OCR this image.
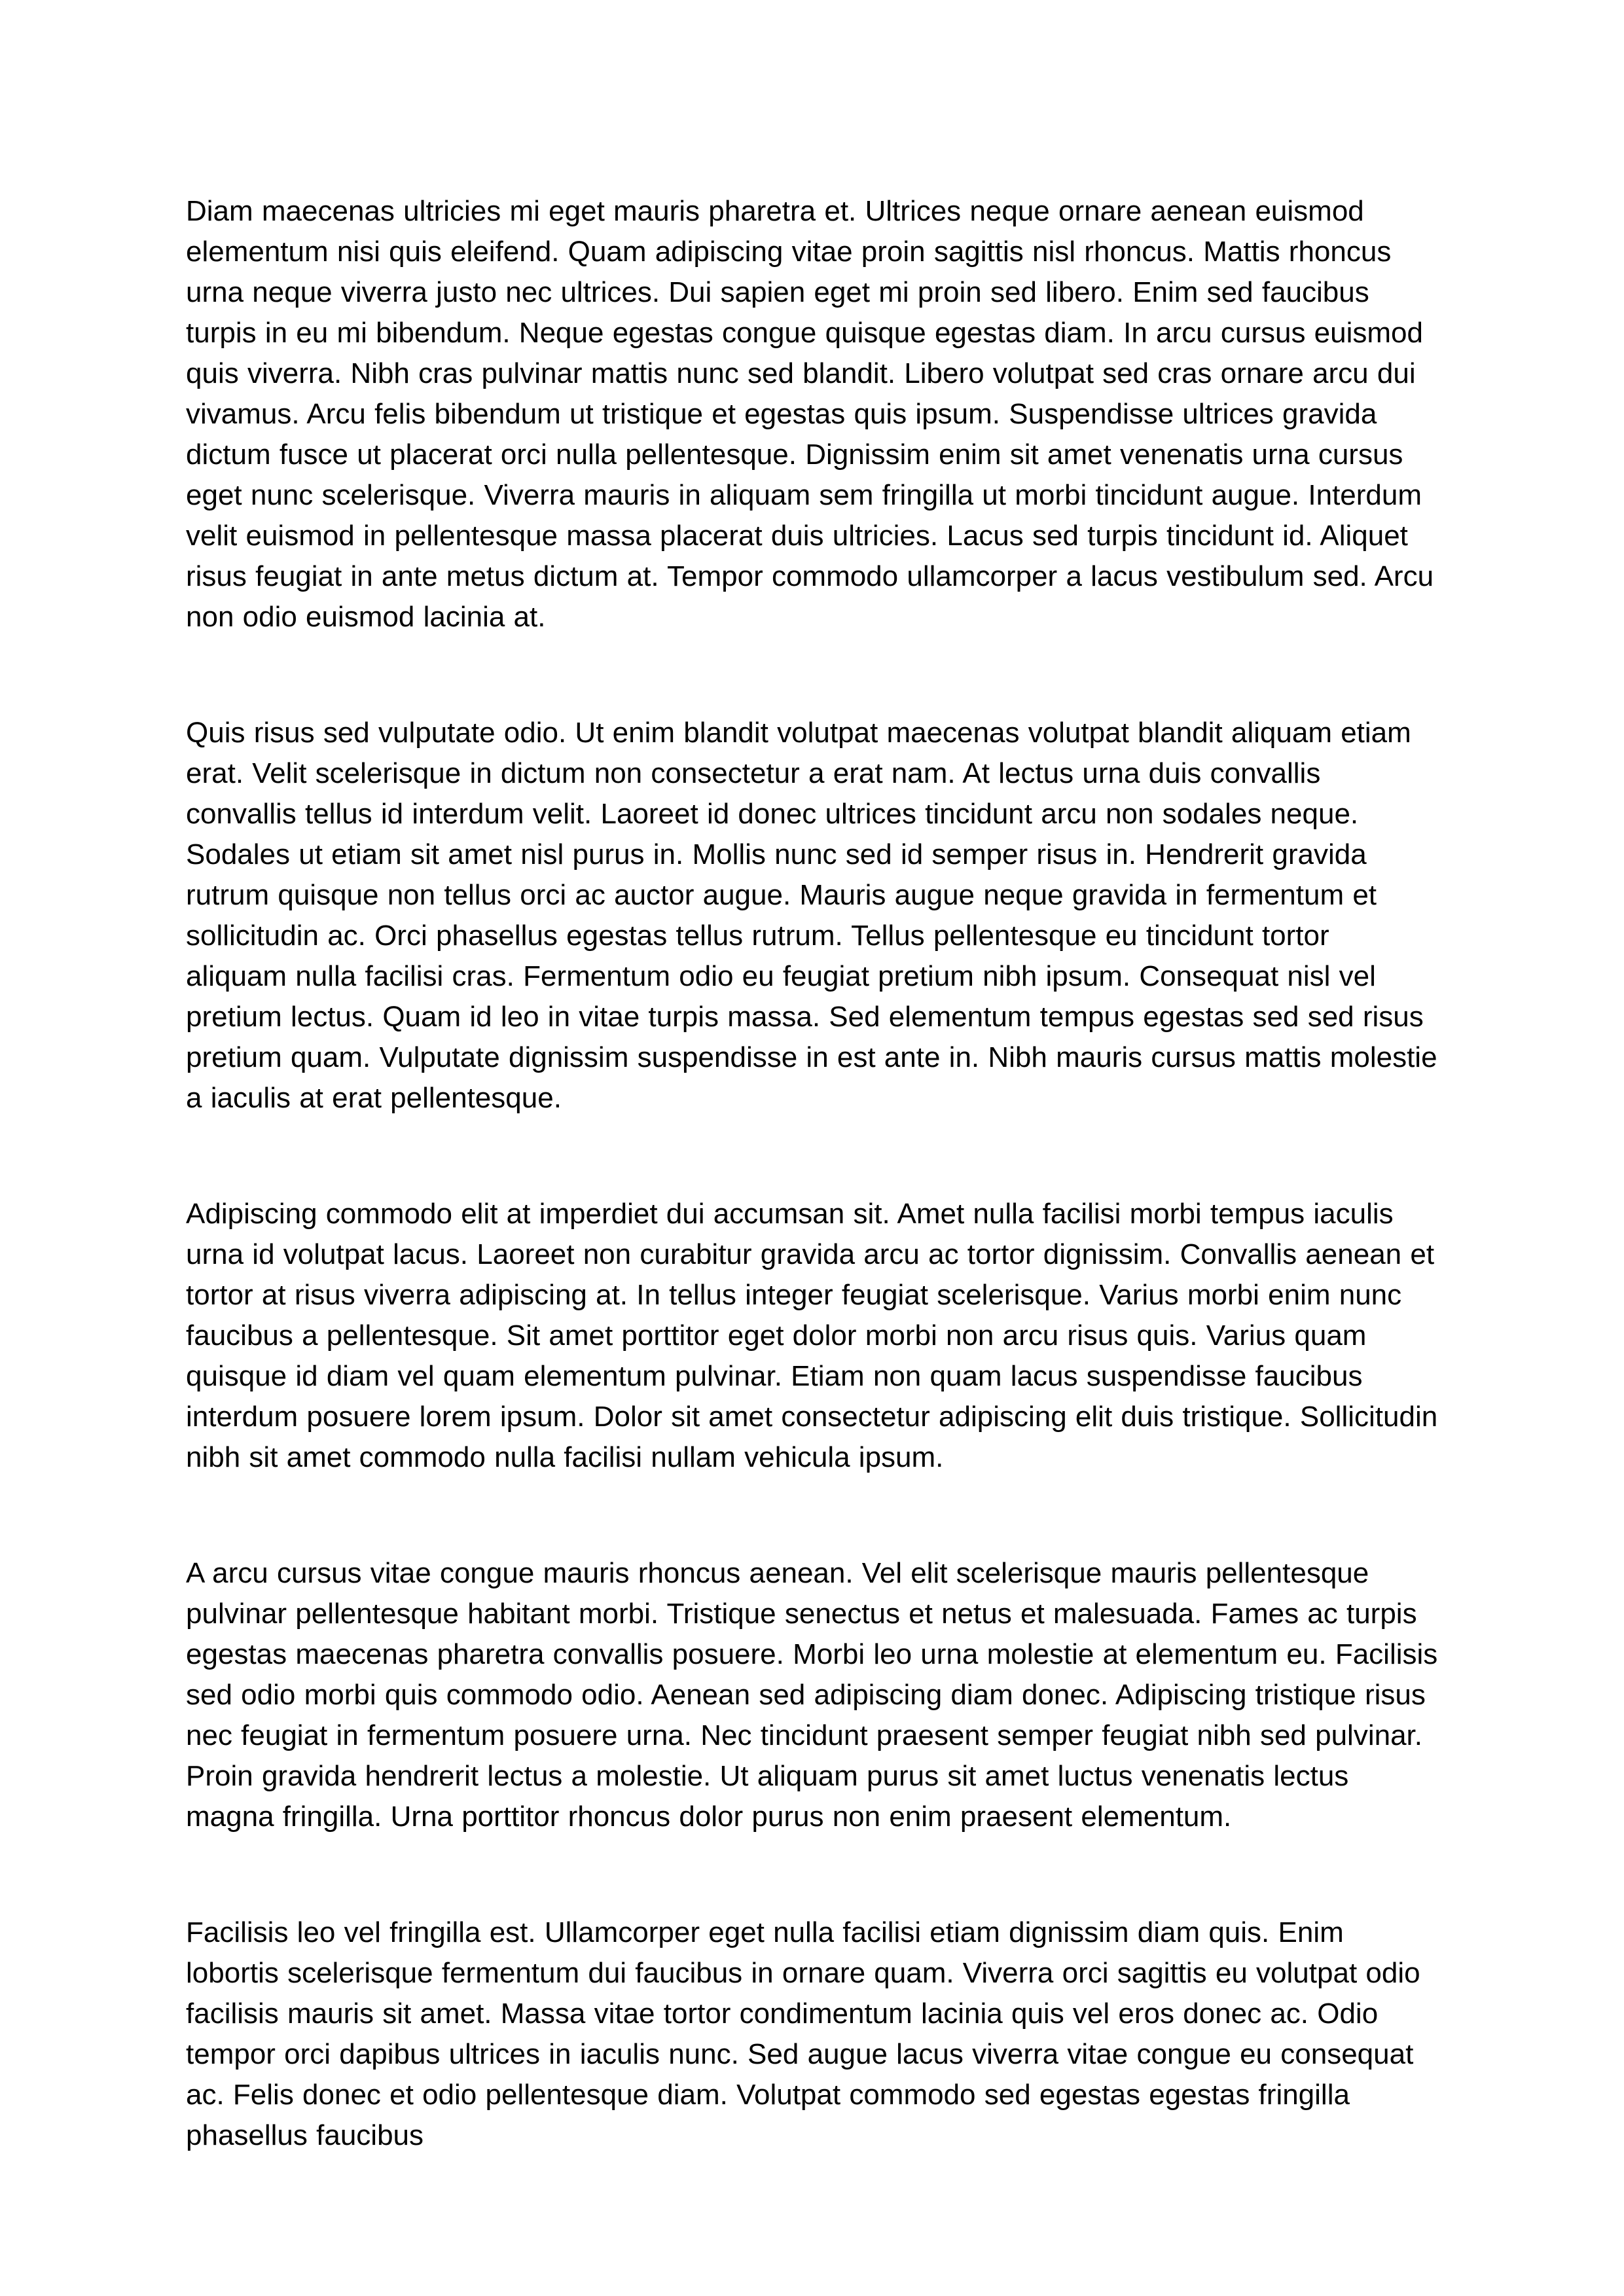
Diam maecenas ultricies mi eget mauris pharetra et. Ultrices neque ornare aenean euismod elementum nisi quis eleifend. Quam adipiscing vitae proin sagittis nisl rhoncus. Mattis rhoncus urna neque viverra justo nec ultrices. Dui sapien eget mi proin sed libero. Enim sed faucibus turpis in eu mi bibendum. Neque egestas congue quisque egestas diam. In arcu cursus euismod quis viverra. Nibh cras pulvinar mattis nunc sed blandit. Libero volutpat sed cras ornare arcu dui vivamus. Arcu felis bibendum ut tristique et egestas quis ipsum. Suspendisse ultrices gravida dictum fusce ut placerat orci nulla pellentesque. Dignissim enim sit amet venenatis urna cursus eget nunc scelerisque. Viverra mauris in aliquam sem fringilla ut morbi tincidunt augue. Interdum velit euismod in pellentesque massa placerat duis ultricies. Lacus sed turpis tincidunt id. Aliquet risus feugiat in ante metus dictum at. Tempor commodo ullamcorper a lacus vestibulum sed. Arcu non odio euismod lacinia at.

Quis risus sed vulputate odio. Ut enim blandit volutpat maecenas volutpat blandit aliquam etiam erat. Velit scelerisque in dictum non consectetur a erat nam. At lectus urna duis convallis convallis tellus id interdum velit. Laoreet id donec ultrices tincidunt arcu non sodales neque. Sodales ut etiam sit amet nisl purus in. Mollis nunc sed id semper risus in. Hendrerit gravida rutrum quisque non tellus orci ac auctor augue. Mauris augue neque gravida in fermentum et sollicitudin ac. Orci phasellus egestas tellus rutrum. Tellus pellentesque eu tincidunt tortor aliquam nulla facilisi cras. Fermentum odio eu feugiat pretium nibh ipsum. Consequat nisl vel pretium lectus. Quam id leo in vitae turpis massa. Sed elementum tempus egestas sed sed risus pretium quam. Vulputate dignissim suspendisse in est ante in. Nibh mauris cursus mattis molestie a iaculis at erat pellentesque.

Adipiscing commodo elit at imperdiet dui accumsan sit. Amet nulla facilisi morbi tempus iaculis urna id volutpat lacus. Laoreet non curabitur gravida arcu ac tortor dignissim. Convallis aenean et tortor at risus viverra adipiscing at. In tellus integer feugiat scelerisque. Varius morbi enim nunc faucibus a pellentesque. Sit amet porttitor eget dolor morbi non arcu risus quis. Varius quam quisque id diam vel quam elementum pulvinar. Etiam non quam lacus suspendisse faucibus interdum posuere lorem ipsum. Dolor sit amet consectetur adipiscing elit duis tristique. Sollicitudin nibh sit amet commodo nulla facilisi nullam vehicula ipsum.

A arcu cursus vitae congue mauris rhoncus aenean. Vel elit scelerisque mauris pellentesque pulvinar pellentesque habitant morbi. Tristique senectus et netus et malesuada. Fames ac turpis egestas maecenas pharetra convallis posuere. Morbi leo urna molestie at elementum eu. Facilisis sed odio morbi quis commodo odio. Aenean sed adipiscing diam donec. Adipiscing tristique risus nec feugiat in fermentum posuere urna. Nec tincidunt praesent semper feugiat nibh sed pulvinar. Proin gravida hendrerit lectus a molestie. Ut aliquam purus sit amet luctus venenatis lectus magna fringilla. Urna porttitor rhoncus dolor purus non enim praesent elementum.

Facilisis leo vel fringilla est. Ullamcorper eget nulla facilisi etiam dignissim diam quis. Enim lobortis scelerisque fermentum dui faucibus in ornare quam. Viverra orci sagittis eu volutpat odio facilisis mauris sit amet. Massa vitae tortor condimentum lacinia quis vel eros donec ac. Odio tempor orci dapibus ultrices in iaculis nunc. Sed augue lacus viverra vitae congue eu consequat ac. Felis donec et odio pellentesque diam. Volutpat commodo sed egestas egestas fringilla phasellus faucibus
